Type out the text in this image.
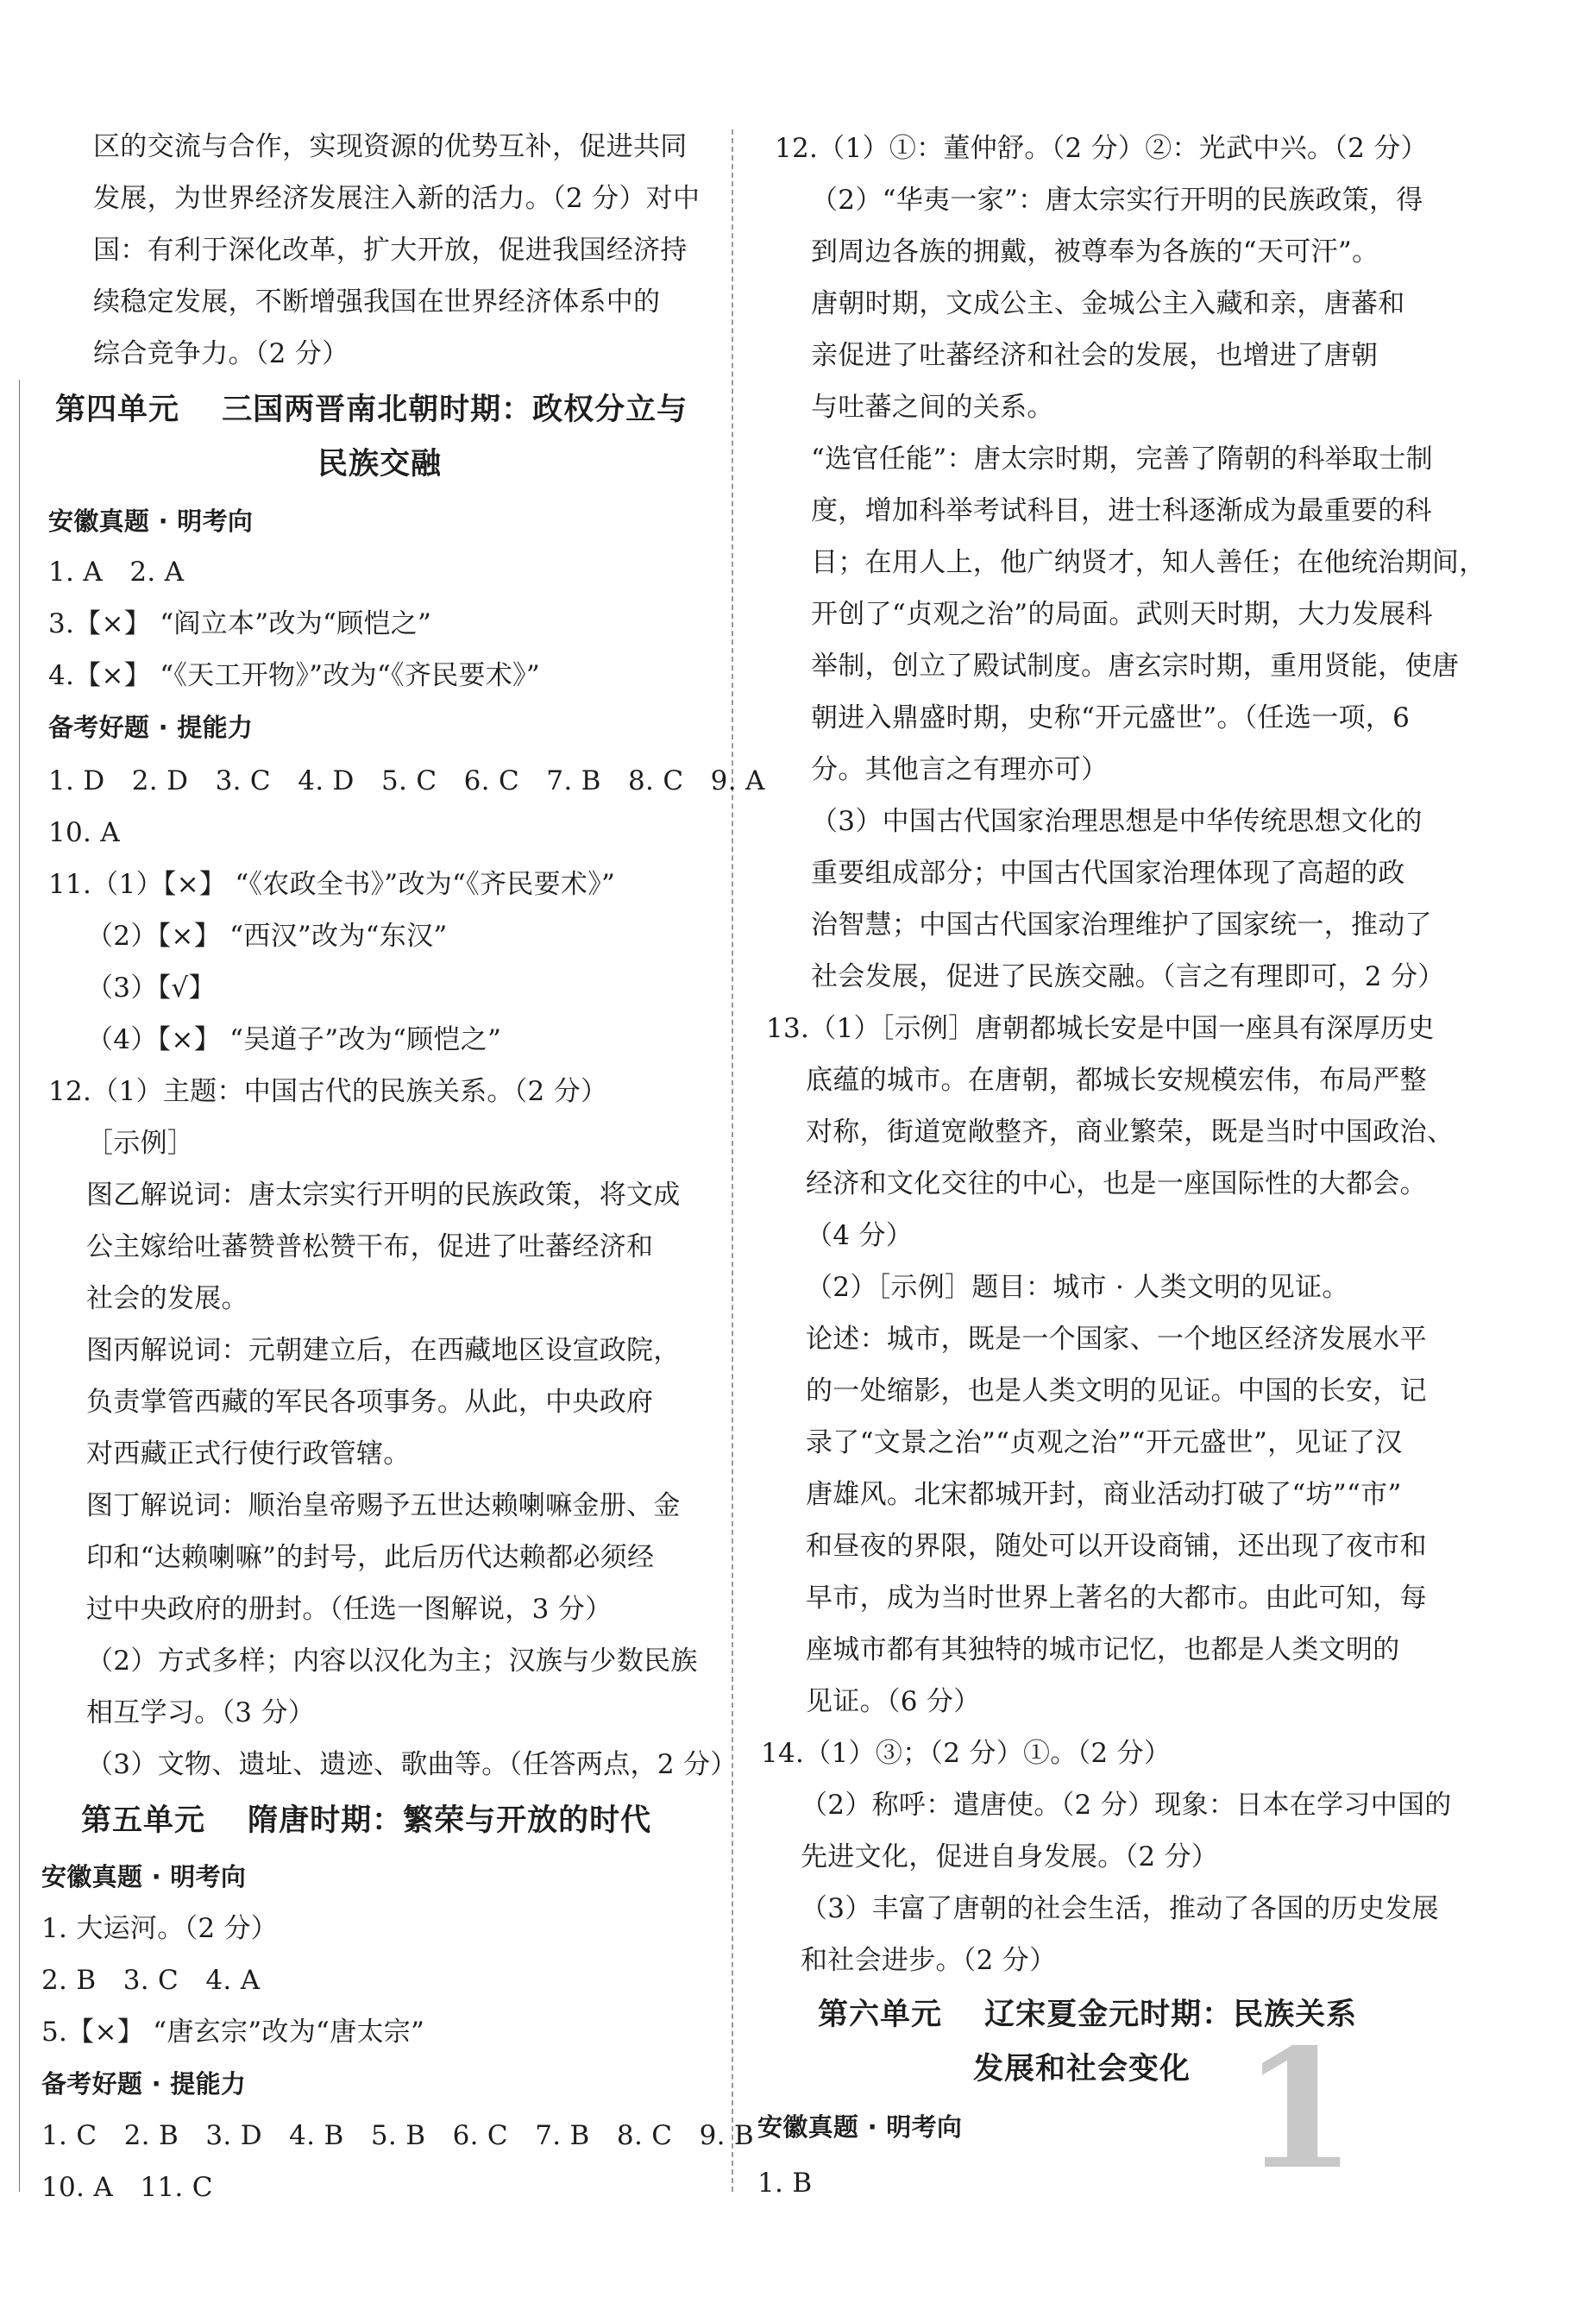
区的交流与合作，实现资源的优势互补，促进共同
发展，为世界经济发展注入新的活力。（2 分）对中
国：有利于深化改革，扩大开放，促进我国经济持
续稳定发展，不断增强我国在世界经济体系中的
综合竞争力。（2 分）
第四单元　 三国两晋南北朝时期：政权分立与
民族交融
安徽真题 · 明考向
1. A　2. A
3.【×】 “阎立本”改为“顾恺之”
4.【×】 “《天工开物》”改为“《齐民要术》”
备考好题 · 提能力
1. D　2. D　3. C　4. D　5. C　6. C　7. B　8. C　9. A
10. A
11.（1）【×】 “《农政全书》”改为“《齐民要术》”
（2）【×】 “西汉”改为“东汉”
（3）【√】
（4）【×】 “吴道子”改为“顾恺之”
12.（1）主题：中国古代的民族关系。（2 分）
［示例］
图乙解说词：唐太宗实行开明的民族政策，将文成
公主嫁给吐蕃赞普松赞干布，促进了吐蕃经济和
社会的发展。
图丙解说词：元朝建立后，在西藏地区设宣政院，
负责掌管西藏的军民各项事务。从此，中央政府
对西藏正式行使行政管辖。
图丁解说词：顺治皇帝赐予五世达赖喇嘛金册、金
印和“达赖喇嘛”的封号，此后历代达赖都必须经
过中央政府的册封。（任选一图解说，3 分）
（2）方式多样；内容以汉化为主；汉族与少数民族
相互学习。（3 分）
（3）文物、遗址、遗迹、歌曲等。（任答两点，2 分）
第五单元　 隋唐时期：繁荣与开放的时代
安徽真题 · 明考向
1. 大运河。（2 分）
2. B　3. C　4. A
5.【×】 “唐玄宗”改为“唐太宗”
备考好题 · 提能力
1. C　2. B　3. D　4. B　5. B　6. C　7. B　8. C　9. B
10. A　11. C
12.（1）①：董仲舒。（2 分）②：光武中兴。（2 分）
（2）“华夷一家”：唐太宗实行开明的民族政策，得
到周边各族的拥戴，被尊奉为各族的“天可汗”。
唐朝时期，文成公主、金城公主入藏和亲，唐蕃和
亲促进了吐蕃经济和社会的发展，也增进了唐朝
与吐蕃之间的关系。
“选官任能”：唐太宗时期，完善了隋朝的科举取士制
度，增加科举考试科目，进士科逐渐成为最重要的科
目；在用人上，他广纳贤才，知人善任；在他统治期间，
开创了“贞观之治”的局面。武则天时期，大力发展科
举制，创立了殿试制度。唐玄宗时期，重用贤能，使唐
朝进入鼎盛时期，史称“开元盛世”。（任选一项，6
分。其他言之有理亦可）
（3）中国古代国家治理思想是中华传统思想文化的
重要组成部分；中国古代国家治理体现了高超的政
治智慧；中国古代国家治理维护了国家统一，推动了
社会发展，促进了民族交融。（言之有理即可，2 分）
13.（1）［示例］唐朝都城长安是中国一座具有深厚历史
底蕴的城市。在唐朝，都城长安规模宏伟，布局严整
对称，街道宽敞整齐，商业繁荣，既是当时中国政治、
经济和文化交往的中心，也是一座国际性的大都会。
（4 分）
（2）［示例］题目：城市 · 人类文明的见证。
论述：城市，既是一个国家、一个地区经济发展水平
的一处缩影，也是人类文明的见证。中国的长安，记
录了“文景之治”“贞观之治”“开元盛世”，见证了汉
唐雄风。北宋都城开封，商业活动打破了“坊”“市”
和昼夜的界限，随处可以开设商铺，还出现了夜市和
早市，成为当时世界上著名的大都市。由此可知，每
座城市都有其独特的城市记忆，也都是人类文明的
见证。（6 分）
14.（1）③；（2 分）①。（2 分）
（2）称呼：遣唐使。（2 分）现象：日本在学习中国的
先进文化，促进自身发展。（2 分）
（3）丰富了唐朝的社会生活，推动了各国的历史发展
和社会进步。（2 分）
第六单元　 辽宋夏金元时期：民族关系
发展和社会变化
安徽真题 · 明考向
1. B	1
